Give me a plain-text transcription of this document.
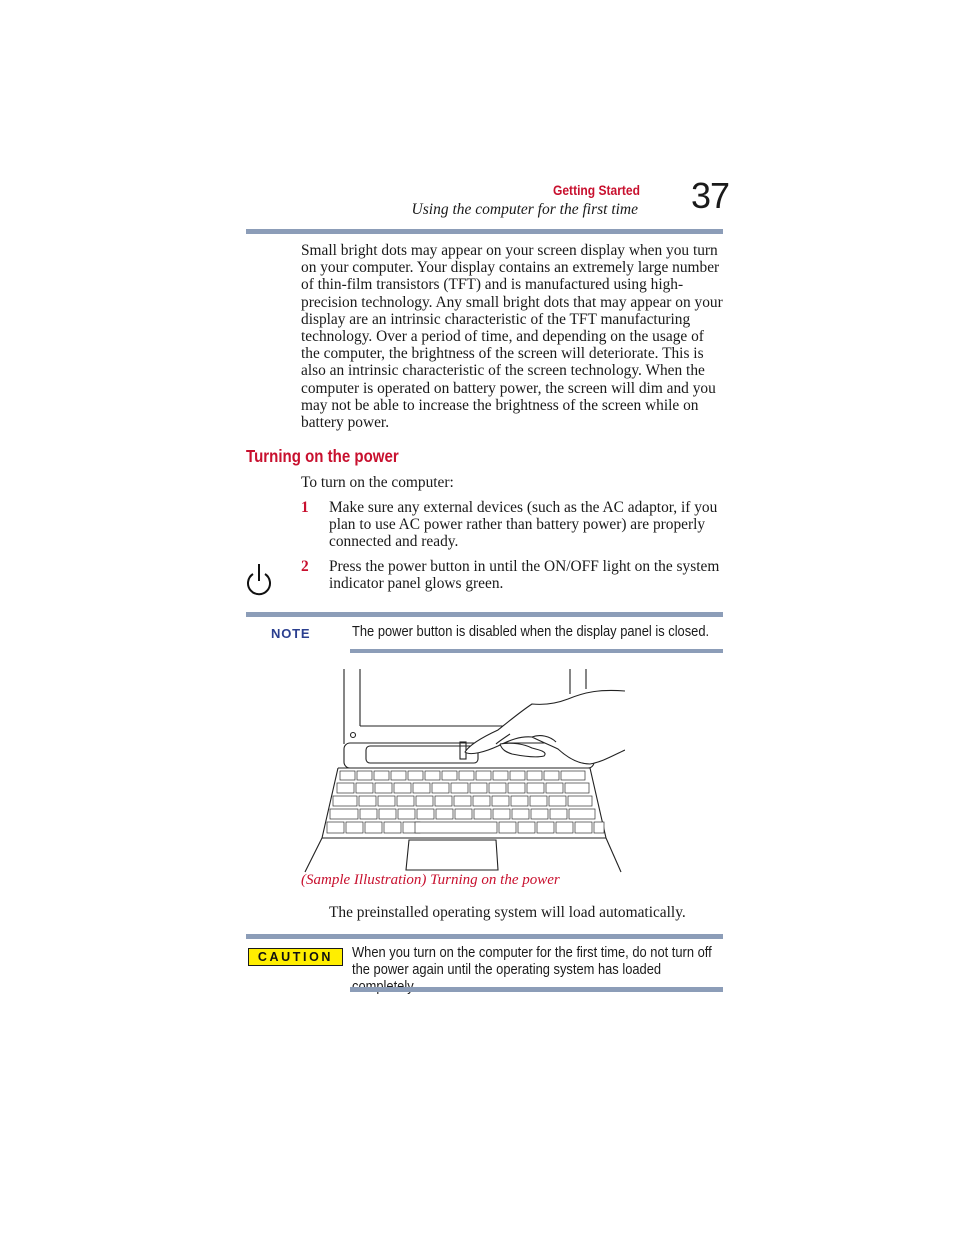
Getting Started
Using the computer for the first time 37

Small bright dots may appear on your screen display when you turn on your computer. Your display contains an extremely large number of thin-film transistors (TFT) and is manufactured using high-precision technology. Any small bright dots that may appear on your display are an intrinsic characteristic of the TFT manufacturing technology. Over a period of time, and depending on the usage of the computer, the brightness of the screen will deteriorate. This is also an intrinsic characteristic of the screen technology. When the computer is operated on battery power, the screen will dim and you may not be able to increase the brightness of the screen while on battery power.

Turning on the power
To turn on the computer:
1 Make sure any external devices (such as the AC adaptor, if you plan to use AC power rather than battery power) are properly connected and ready.

2 Press the power button in until the ON/OFF light on the system indicator panel glows green.

NOTE	The power button is disabled when the display panel is closed.
(Sample Illustration) Turning on the power
The preinstalled operating system will load automatically.
CAUTION	When you turn on the computer for the first time, do not turn off the power again until the operating system has loaded
